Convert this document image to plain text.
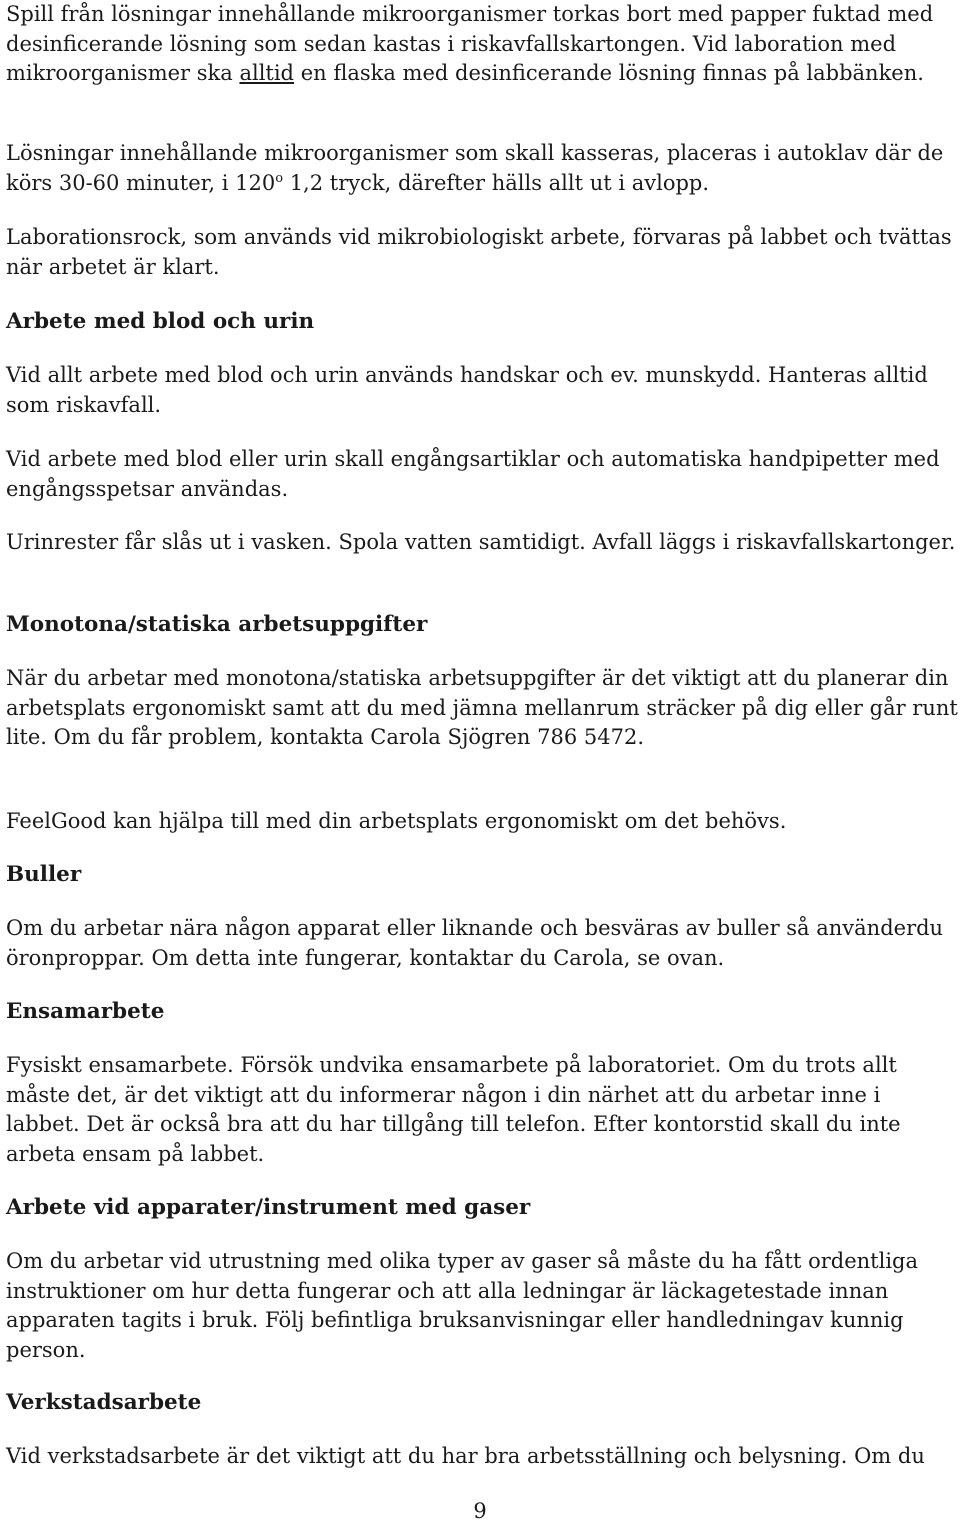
Spill från lösningar innehållande mikroorganismer torkas bort med papper fuktad med desinficerande lösning som sedan kastas i riskavfallskartongen. Vid laboration med mikroorganismer ska alltid en flaska med desinficerande lösning finnas på labbänken.

Lösningar innehållande mikroorganismer som skall kasseras, placeras i autoklav där de körs 30-60 minuter, i 120$^o$ 1,2 tryck, därefter hälls allt ut i avlopp.

Laborationsrock, som används vid mikrobiologiskt arbete, förvaras på labbet och tvättas när arbetet är klart.

Arbete med blod och urin

Vid allt arbete med blod och urin används handskar och ev. munskydd. Hanteras alltid som riskavfall.

Vid arbete med blod eller urin skall engångsartiklar och automatiska handpipetter med engångsspetsar användas.

Urinrester får slås ut i vasken. Spola vatten samtidigt. Avfall läggs i riskavfallskartonger.

Monotona/statiska arbetsuppgifter

När du arbetar med monotona/statiska arbetsuppgifter är det viktigt att du planerar din arbetsplats ergonomiskt samt att du med jämna mellanrum sträcker på dig eller går runt lite. Om du får problem, kontakta Carola Sjögren 786 5472.

FeelGood kan hjälpa till med din arbetsplats ergonomiskt om det behövs.

Buller

Om du arbetar nära någon apparat eller liknande och besväras av buller så använderdu öronproppar. Om detta inte fungerar, kontaktar du Carola, se ovan.

Ensamarbete

Fysiskt ensamarbete. Försök undvika ensamarbete på laboratoriet. Om du trots allt måste det, är det viktigt att du informerar någon i din närhet att du arbetar inne i labbet. Det är också bra att du har tillgång till telefon. Efter kontorstid skall du inte arbeta ensam på labbet.

Arbete vid apparater/instrument med gaser

Om du arbetar vid utrustning med olika typer av gaser så måste du ha fått ordentliga instruktioner om hur detta fungerar och att alla ledningar är läckagetestade innan apparaten tagits i bruk. Följ befintliga bruksanvisningar eller handledningav kunnig person.

Verkstadsarbete

Vid verkstadsarbete är det viktigt att du har bra arbetsställning och belysning. Om du

9
